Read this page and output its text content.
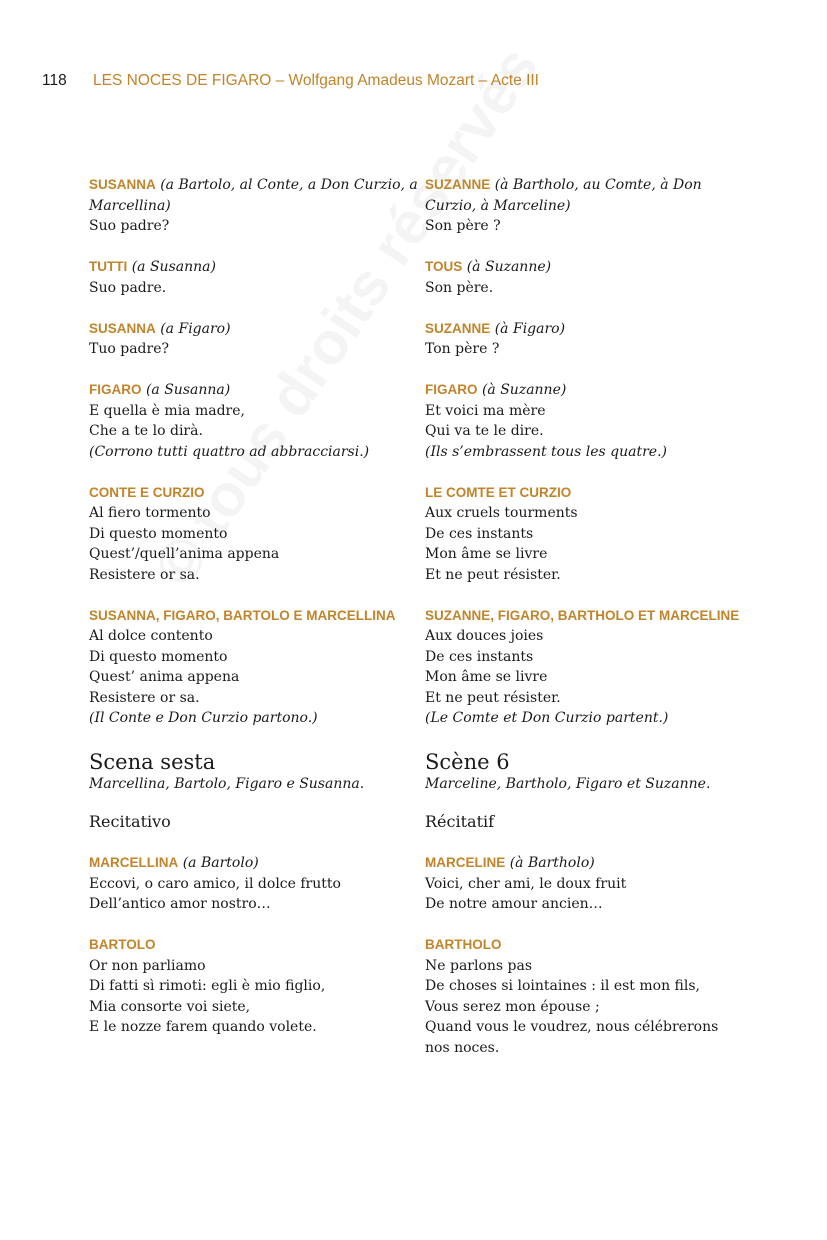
118 LES NOCES DE FIGARO – Wolfgang Amadeus Mozart – Acte III
SUSANNA (a Bartolo, al Conte, a Don Curzio, a Marcellina)
Suo padre?
TUTTI (a Susanna)
Suo padre.
SUSANNA (a Figaro)
Tuo padre?
FIGARO (a Susanna)
E quella è mia madre,
Che a te lo dirà.
(Corrono tutti quattro ad abbracciarsi.)
CONTE E CURZIO
Al fiero tormento
Di questo momento
Quest’/quell’anima appena
Resistere or sa.
SUSANNA, FIGARO, BARTOLO E MARCELLINA
Al dolce contento
Di questo momento
Quest’ anima appena
Resistere or sa.
(Il Conte e Don Curzio partono.)
Scena sesta
Marcellina, Bartolo, Figaro e Susanna.
Recitativo
MARCELLINA (a Bartolo)
Eccovi, o caro amico, il dolce frutto
Dell’antico amor nostro…
BARTOLO
Or non parliamo
Di fatti sì rimoti: egli è mio figlio,
Mia consorte voi siete,
E le nozze farem quando volete.
SUZANNE (à Bartholo, au Comte, à Don Curzio, à Marceline)
Son père ?
TOUS (à Suzanne)
Son père.
SUZANNE (à Figaro)
Ton père ?
FIGARO (à Suzanne)
Et voici ma mère
Qui va te le dire.
(Ils s’embrassent tous les quatre.)
LE COMTE ET CURZIO
Aux cruels tourments
De ces instants
Mon âme se livre
Et ne peut résister.
SUZANNE, FIGARO, BARTHOLO ET MARCELINE
Aux douces joies
De ces instants
Mon âme se livre
Et ne peut résister.
(Le Comte et Don Curzio partent.)
Scène 6
Marceline, Bartholo, Figaro et Suzanne.
Récitatif
MARCELINE (à Bartholo)
Voici, cher ami, le doux fruit
De notre amour ancien…
BARTHOLO
Ne parlons pas
De choses si lointaines : il est mon fils,
Vous serez mon épouse ;
Quand vous le voudrez, nous célébrerons nos noces.
